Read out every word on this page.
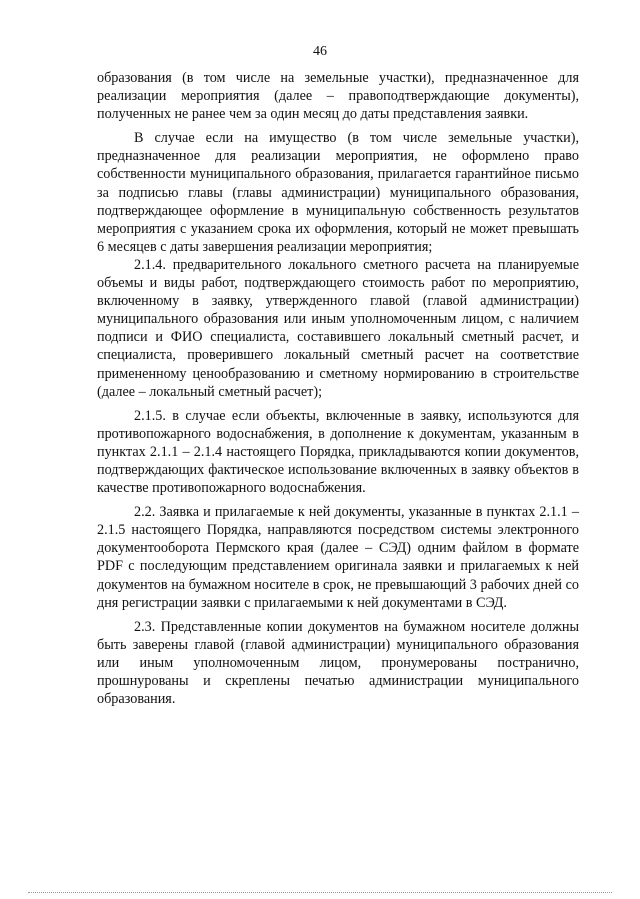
46

образования (в том числе на земельные участки), предназначенное для реализации мероприятия (далее – правоподтверждающие документы), полученных не ранее чем за один месяц до даты представления заявки.

В случае если на имущество (в том числе земельные участки), предназначенное для реализации мероприятия, не оформлено право собственности муниципального образования, прилагается гарантийное письмо за подписью главы (главы администрации) муниципального образования, подтверждающее оформление в муниципальную собственность результатов мероприятия с указанием срока их оформления, который не может превышать 6 месяцев с даты завершения реализации мероприятия;

2.1.4. предварительного локального сметного расчета на планируемые объемы и виды работ, подтверждающего стоимость работ по мероприятию, включенному в заявку, утвержденного главой (главой администрации) муниципального образования или иным уполномоченным лицом, с наличием подписи и ФИО специалиста, составившего локальный сметный расчет, и специалиста, проверившего локальный сметный расчет на соответствие примененному ценообразованию и сметному нормированию в строительстве (далее – локальный сметный расчет);

2.1.5. в случае если объекты, включенные в заявку, используются для противопожарного водоснабжения, в дополнение к документам, указанным в пунктах 2.1.1 – 2.1.4 настоящего Порядка, прикладываются копии документов, подтверждающих фактическое использование включенных в заявку объектов в качестве противопожарного водоснабжения.

2.2. Заявка и прилагаемые к ней документы, указанные в пунктах 2.1.1 – 2.1.5 настоящего Порядка, направляются посредством системы электронного документооборота Пермского края (далее – СЭД) одним файлом в формате PDF с последующим представлением оригинала заявки и прилагаемых к ней документов на бумажном носителе в срок, не превышающий 3 рабочих дней со дня регистрации заявки с прилагаемыми к ней документами в СЭД.

2.3. Представленные копии документов на бумажном носителе должны быть заверены главой (главой администрации) муниципального образования или иным уполномоченным лицом, пронумерованы постранично, прошнурованы и скреплены печатью администрации муниципального образования.
